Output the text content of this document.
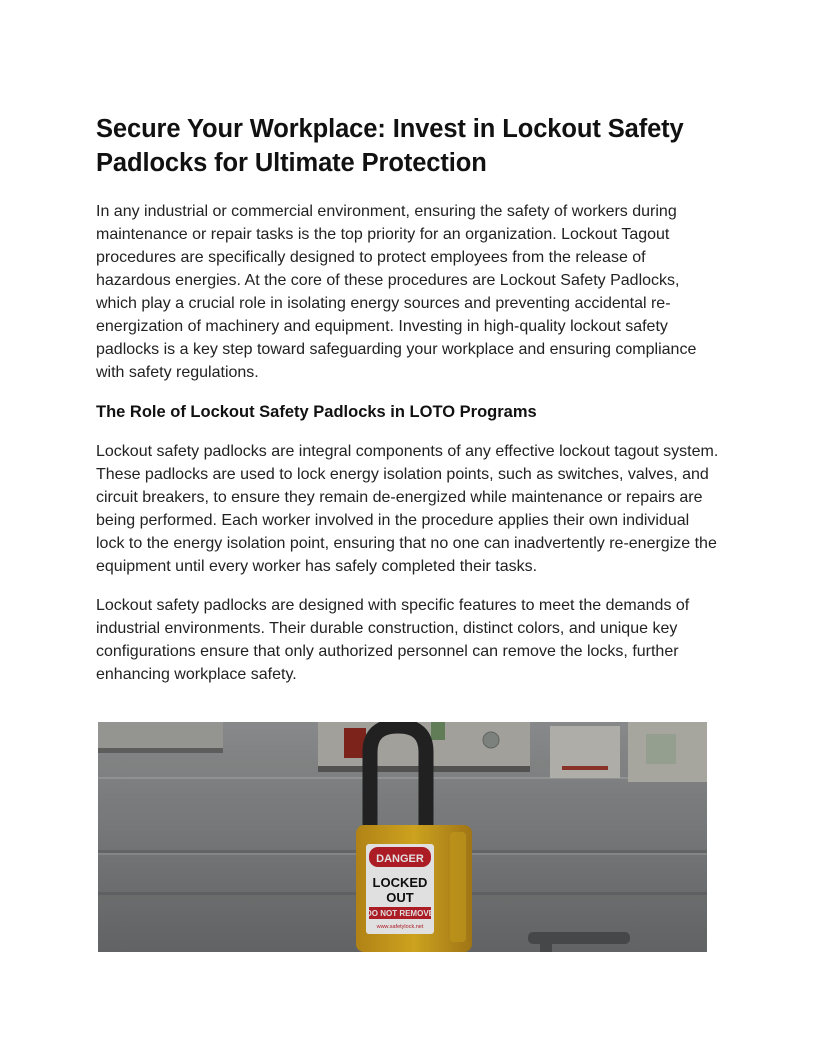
Secure Your Workplace: Invest in Lockout Safety Padlocks for Ultimate Protection

In any industrial or commercial environment, ensuring the safety of workers during maintenance or repair tasks is the top priority for an organization. Lockout Tagout procedures are specifically designed to protect employees from the release of hazardous energies. At the core of these procedures are Lockout Safety Padlocks, which play a crucial role in isolating energy sources and preventing accidental re-energization of machinery and equipment. Investing in high-quality lockout safety padlocks is a key step toward safeguarding your workplace and ensuring compliance with safety regulations.

The Role of Lockout Safety Padlocks in LOTO Programs

Lockout safety padlocks are integral components of any effective lockout tagout system. These padlocks are used to lock energy isolation points, such as switches, valves, and circuit breakers, to ensure they remain de-energized while maintenance or repairs are being performed. Each worker involved in the procedure applies their own individual lock to the energy isolation point, ensuring that no one can inadvertently re-energize the equipment until every worker has safely completed their tasks.

Lockout safety padlocks are designed with specific features to meet the demands of industrial environments. Their durable construction, distinct colors, and unique key configurations ensure that only authorized personnel can remove the locks, further enhancing workplace safety.

DANGER
LOCKED
OUT
DO NOT REMOVE
www.safetylock.net
